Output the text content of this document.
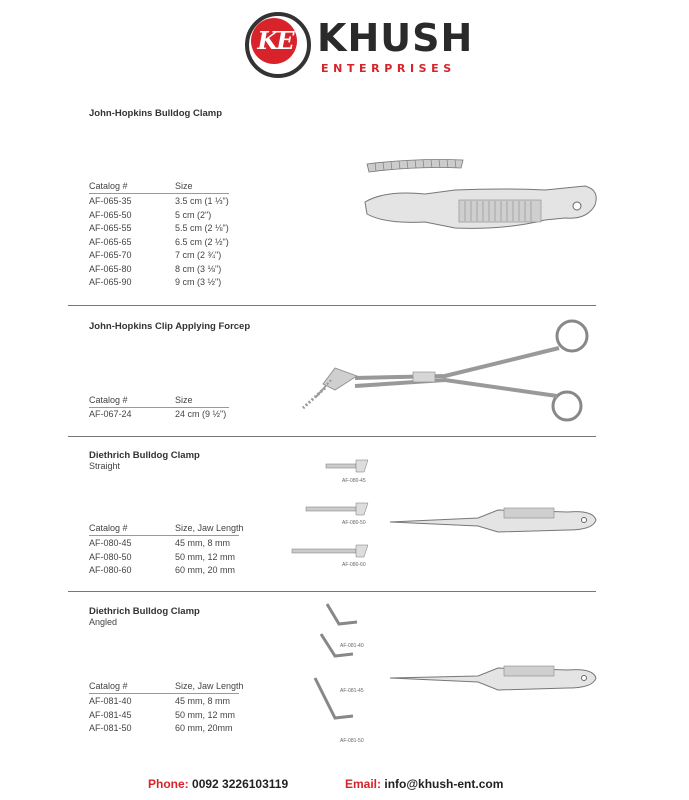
KE KHUSH
ENTERPRISES
John-Hopkins Bulldog Clamp
Catalog #	Size
AF-065-35	3.5 cm (1 ⅓")
AF-065-50	5 cm (2")
AF-065-55	5.5 cm (2 ⅛")
AF-065-65	6.5 cm (2 ½")
AF-065-70	7 cm (2 ¾")
AF-065-80	8 cm (3 ⅛")
AF-065-90	9 cm (3 ½")
John-Hopkins Clip Applying Forcep
Catalog #	Size
AF-067-24	24 cm (9 ½")
Diethrich Bulldog Clamp
Straight
Catalog #	Size, Jaw Length
AF-080-45	45 mm, 8 mm
AF-080-50	50 mm, 12 mm
AF-080-60	60 mm, 20 mm
AF-080-45
AF-080-50
AF-080-60
Diethrich Bulldog Clamp
Angled
Catalog #	Size, Jaw Length
AF-081-40	45 mm, 8 mm
AF-081-45	50 mm, 12 mm
AF-081-50	60 mm, 20mm
AF-081-40
AF-081-45
AF-081-50
Phone: 0092 3226103119	Email: info@khush-ent.com
